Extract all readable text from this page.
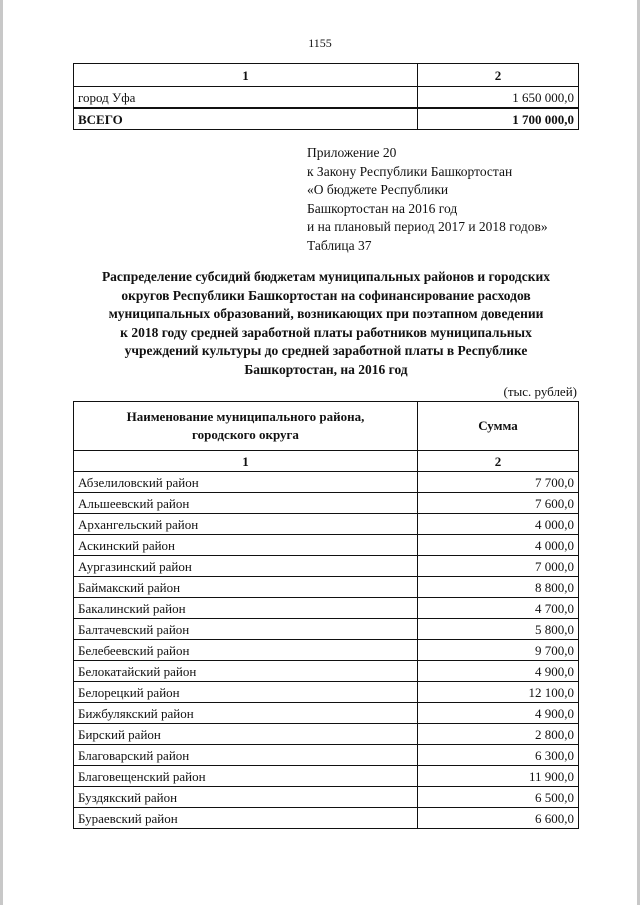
1155
1	2
город Уфа	1 650 000,0
ВСЕГО	1 700 000,0
Приложение 20
к Закону Республики Башкортостан
«О бюджете Республики
Башкортостан на 2016 год
и на плановый период 2017 и 2018 годов»
Таблица 37
Распределение субсидий бюджетам муниципальных районов и городских
округов Республики Башкортостан на софинансирование расходов
муниципальных образований, возникающих при поэтапном доведении
к 2018 году средней заработной платы работников муниципальных
учреждений культуры до средней заработной платы в Республике
Башкортостан, на 2016 год
(тыс. рублей)
Наименование муниципального района,
городского округа	Сумма
1	2
Абзелиловский район	7 700,0
Альшеевский район	7 600,0
Архангельский район	4 000,0
Аскинский район	4 000,0
Аургазинский район	7 000,0
Баймакский район	8 800,0
Бакалинский район	4 700,0
Балтачевский район	5 800,0
Белебеевский район	9 700,0
Белокатайский район	4 900,0
Белорецкий район	12 100,0
Бижбулякский район	4 900,0
Бирский район	2 800,0
Благоварский район	6 300,0
Благовещенский район	11 900,0
Буздякский район	6 500,0
Бураевский район	6 600,0
